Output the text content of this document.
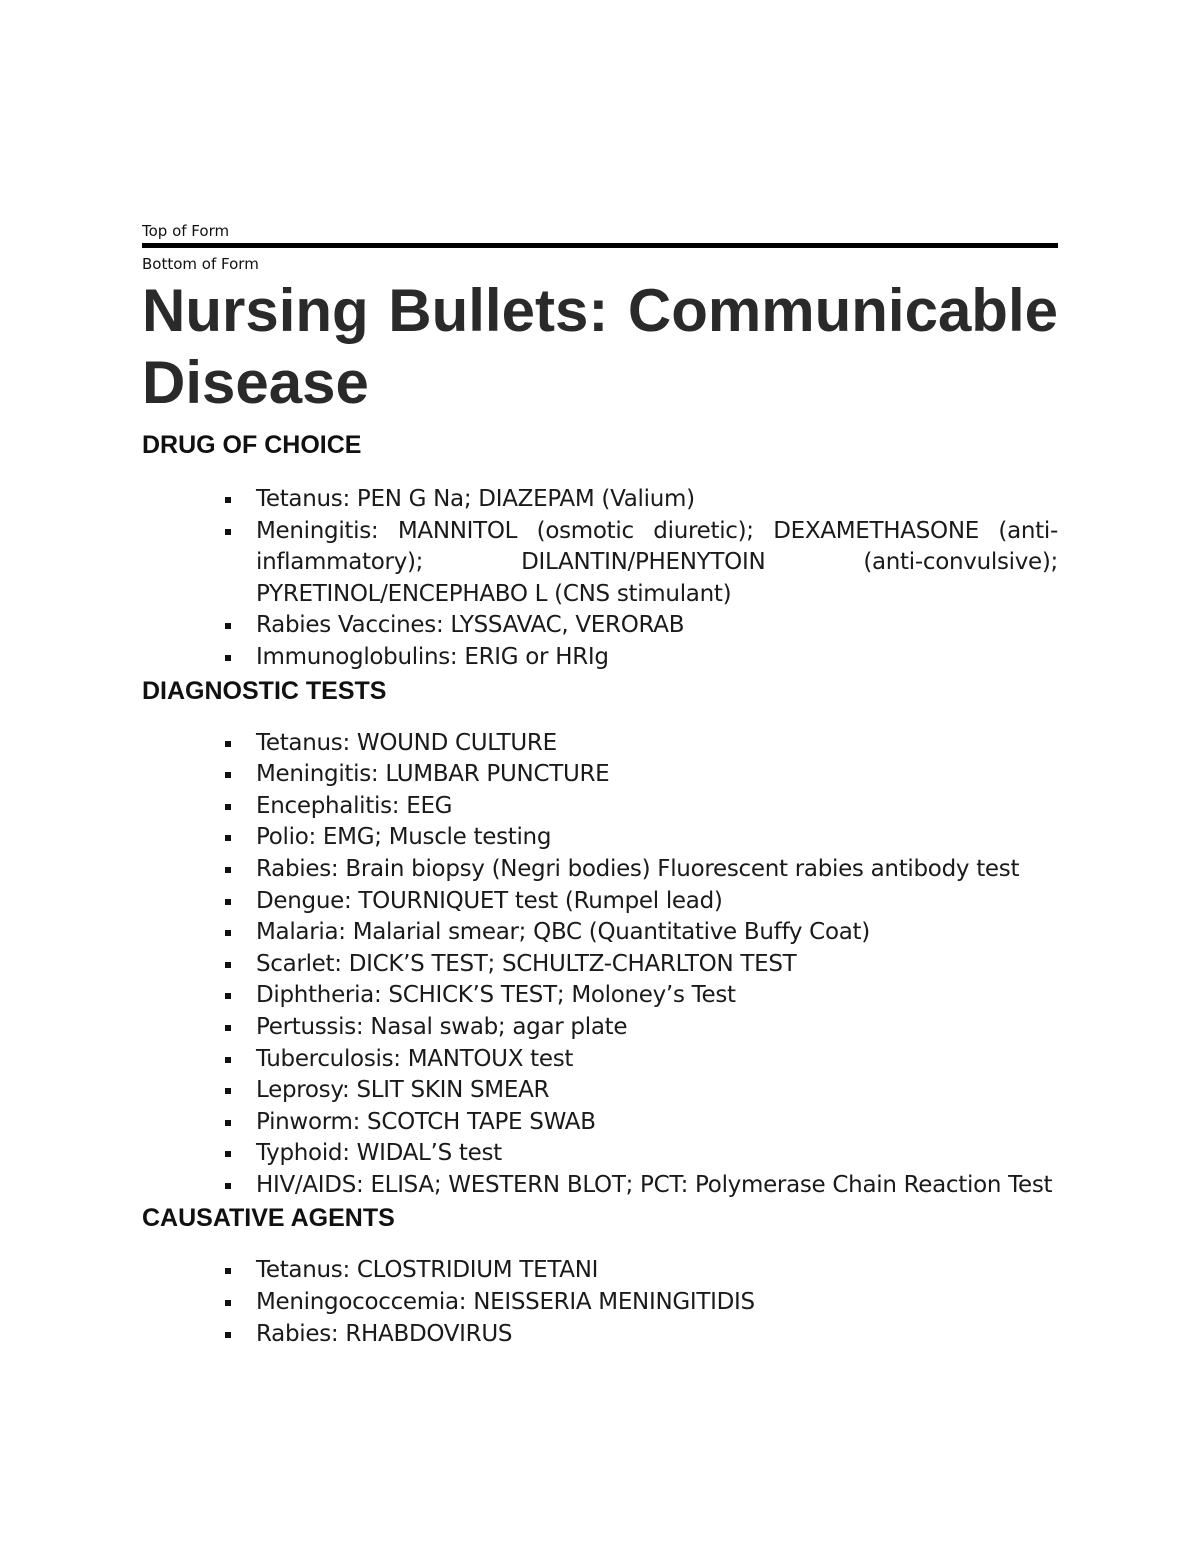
Top of Form
Bottom of Form
Nursing Bullets: Communicable Disease
DRUG OF CHOICE
Tetanus: PEN G Na; DIAZEPAM (Valium)
Meningitis: MANNITOL (osmotic diuretic); DEXAMETHASONE (anti-inflammatory); DILANTIN/PHENYTOIN (anti-convulsive); PYRETINOL/ENCEPHABO L (CNS stimulant)
Rabies Vaccines: LYSSAVAC, VERORAB
Immunoglobulins: ERIG or HRIg
DIAGNOSTIC TESTS
Tetanus: WOUND CULTURE
Meningitis: LUMBAR PUNCTURE
Encephalitis: EEG
Polio: EMG; Muscle testing
Rabies: Brain biopsy (Negri bodies) Fluorescent rabies antibody test
Dengue: TOURNIQUET test (Rumpel lead)
Malaria: Malarial smear; QBC (Quantitative Buffy Coat)
Scarlet: DICK’S TEST; SCHULTZ-CHARLTON TEST
Diphtheria: SCHICK’S TEST; Moloney’s Test
Pertussis: Nasal swab; agar plate
Tuberculosis: MANTOUX test
Leprosy: SLIT SKIN SMEAR
Pinworm: SCOTCH TAPE SWAB
Typhoid: WIDAL’S test
HIV/AIDS: ELISA; WESTERN BLOT; PCT: Polymerase Chain Reaction Test
CAUSATIVE AGENTS
Tetanus: CLOSTRIDIUM TETANI
Meningococcemia: NEISSERIA MENINGITIDIS
Rabies: RHABDOVIRUS
